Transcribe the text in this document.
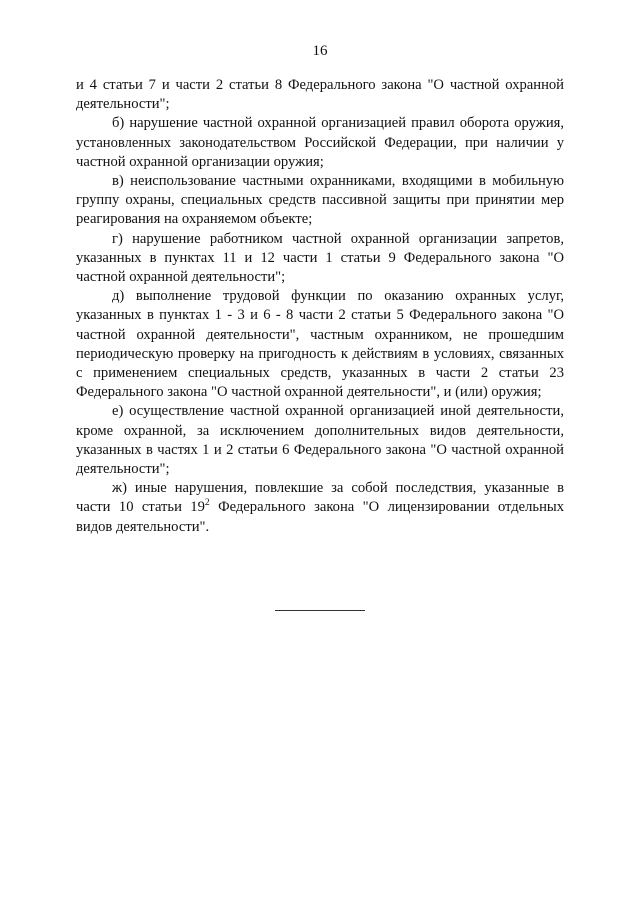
16

и 4 статьи 7 и части 2 статьи 8 Федерального закона "О частной охранной деятельности";

б) нарушение частной охранной организацией правил оборота оружия, установленных законодательством Российской Федерации, при наличии у частной охранной организации оружия;

в) неиспользование частными охранниками, входящими в мобильную группу охраны, специальных средств пассивной защиты при принятии мер реагирования на охраняемом объекте;

г) нарушение работником частной охранной организации запретов, указанных в пунктах 11 и 12 части 1 статьи 9 Федерального закона "О частной охранной деятельности";

д) выполнение трудовой функции по оказанию охранных услуг, указанных в пунктах 1 - 3 и 6 - 8 части 2 статьи 5 Федерального закона "О частной охранной деятельности", частным охранником, не прошедшим периодическую проверку на пригодность к действиям в условиях, связанных с применением специальных средств, указанных в части 2 статьи 23 Федерального закона "О частной охранной деятельности", и (или) оружия;

е) осуществление частной охранной организацией иной деятельности, кроме охранной, за исключением дополнительных видов деятельности, указанных в частях 1 и 2 статьи 6 Федерального закона "О частной охранной деятельности";

ж) иные нарушения, повлекшие за собой последствия, указанные в части 10 статьи $19^2$ Федерального закона "О лицензировании отдельных видов деятельности".
